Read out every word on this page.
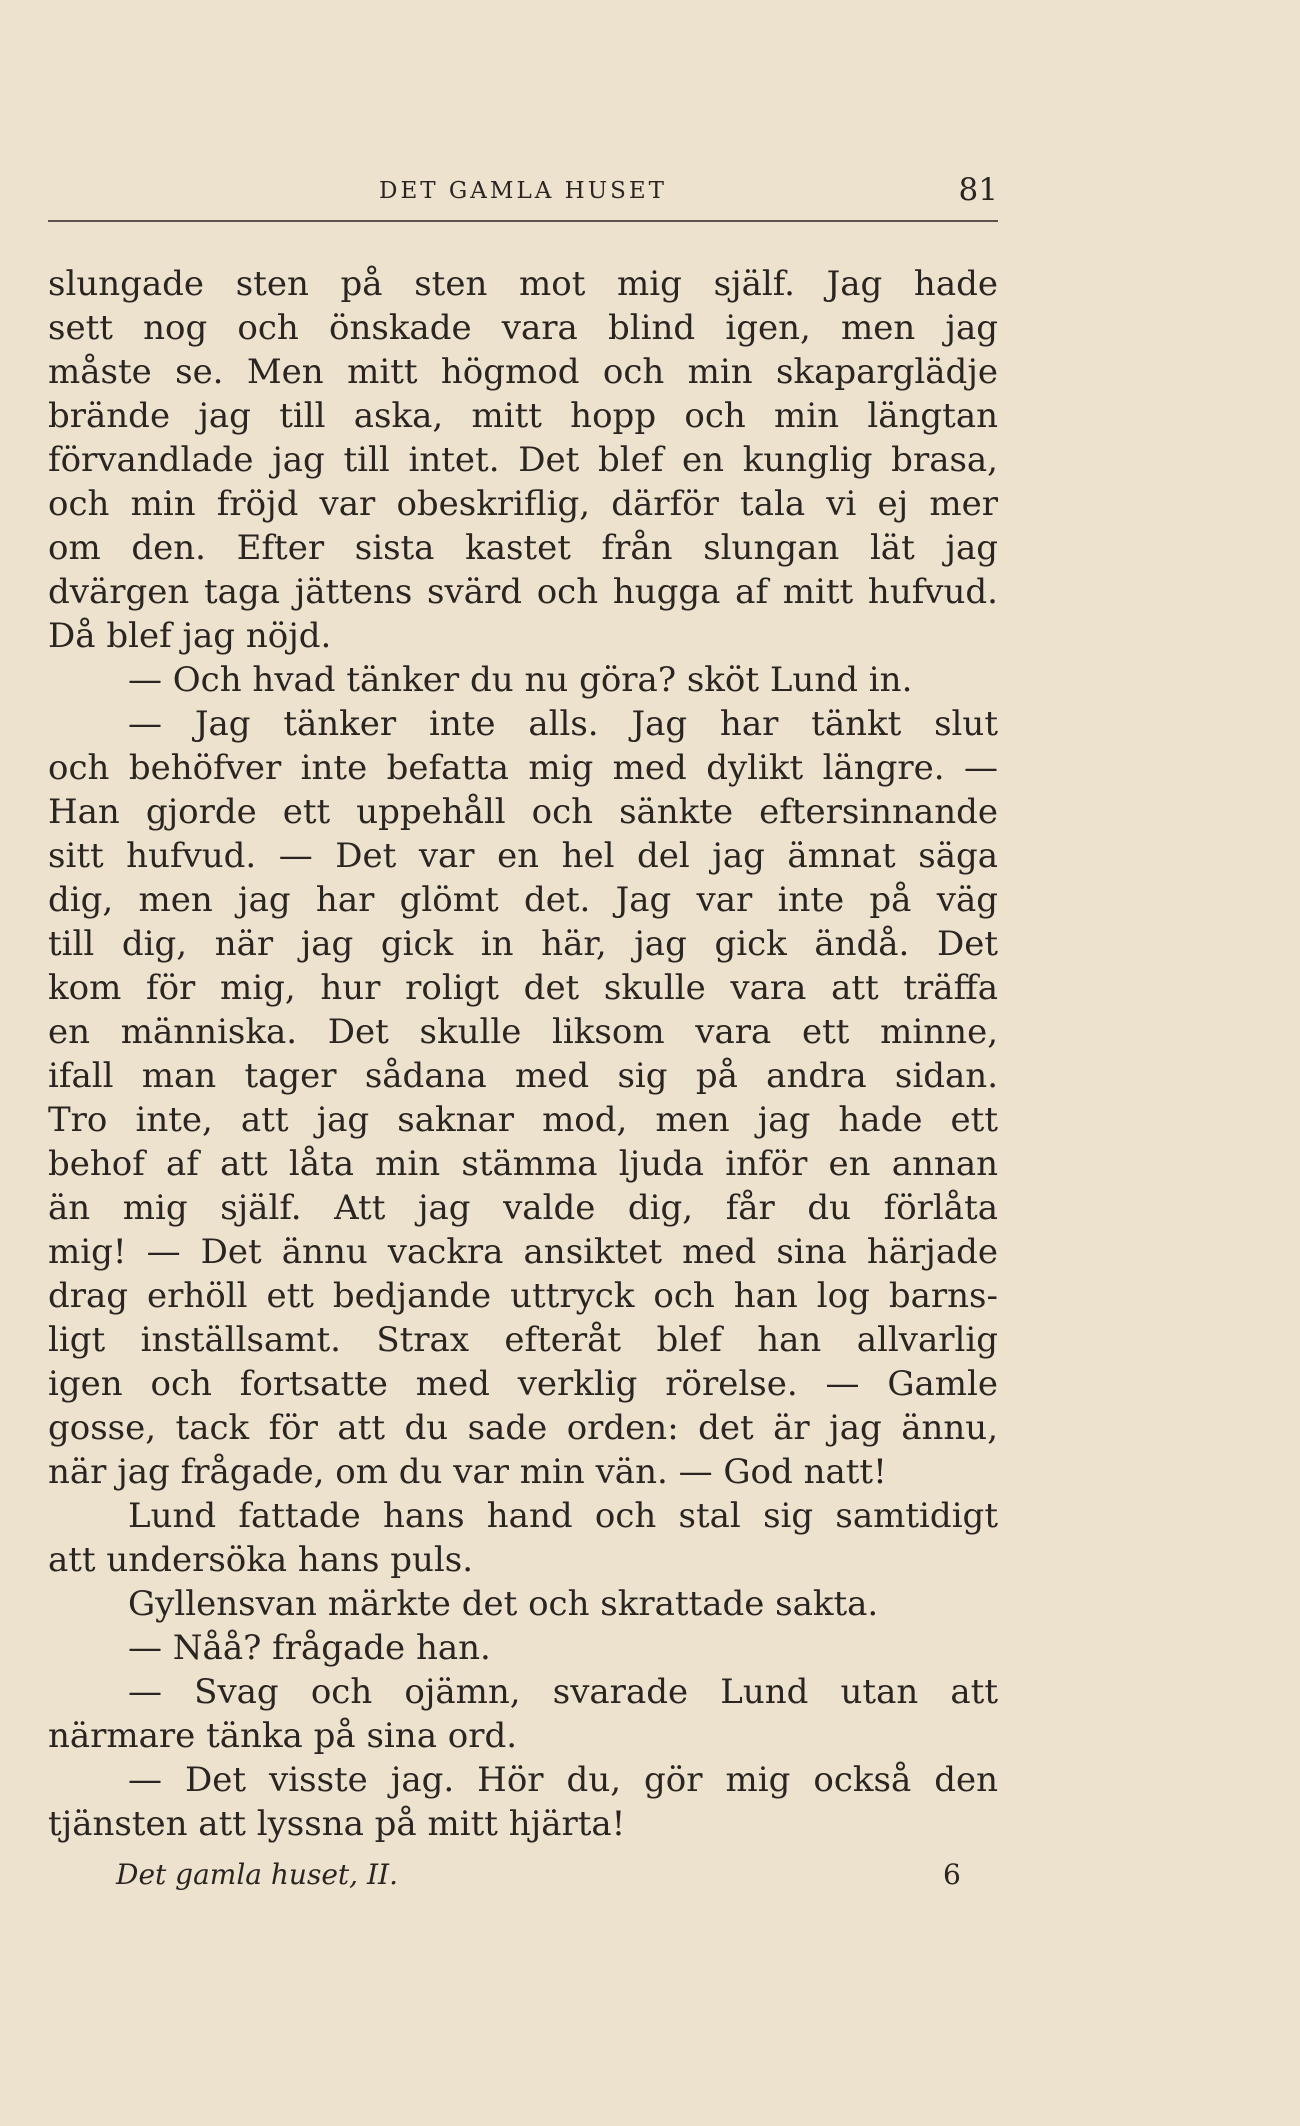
DET GAMLA HUSET	81
slungade sten på sten mot mig själf. Jag hade
sett nog och önskade vara blind igen, men jag
måste se. Men mitt högmod och min skaparglädje
brände jag till aska, mitt hopp och min längtan
förvandlade jag till intet. Det blef en kunglig brasa,
och min fröjd var obeskriflig, därför tala vi ej mer
om den. Efter sista kastet från slungan lät jag
dvärgen taga jättens svärd och hugga af mitt hufvud.
Då blef jag nöjd.
— Och hvad tänker du nu göra? sköt Lund in.
— Jag tänker inte alls. Jag har tänkt slut
och behöfver inte befatta mig med dylikt längre. —
Han gjorde ett uppehåll och sänkte eftersinnande
sitt hufvud. — Det var en hel del jag ämnat säga
dig, men jag har glömt det. Jag var inte på väg
till dig, när jag gick in här, jag gick ändå. Det
kom för mig, hur roligt det skulle vara att träffa
en människa. Det skulle liksom vara ett minne,
ifall man tager sådana med sig på andra sidan.
Tro inte, att jag saknar mod, men jag hade ett
behof af att låta min stämma ljuda inför en annan
än mig själf. Att jag valde dig, får du förlåta
mig! — Det ännu vackra ansiktet med sina härjade
drag erhöll ett bedjande uttryck och han log barns-
ligt inställsamt. Strax efteråt blef han allvarlig
igen och fortsatte med verklig rörelse. — Gamle
gosse, tack för att du sade orden: det är jag ännu,
när jag frågade, om du var min vän. — God natt!
Lund fattade hans hand och stal sig samtidigt
att undersöka hans puls.
Gyllensvan märkte det och skrattade sakta.
— Nåå? frågade han.
— Svag och ojämn, svarade Lund utan att
närmare tänka på sina ord.
— Det visste jag. Hör du, gör mig också den
tjänsten att lyssna på mitt hjärta!
Det gamla huset, II.	6
